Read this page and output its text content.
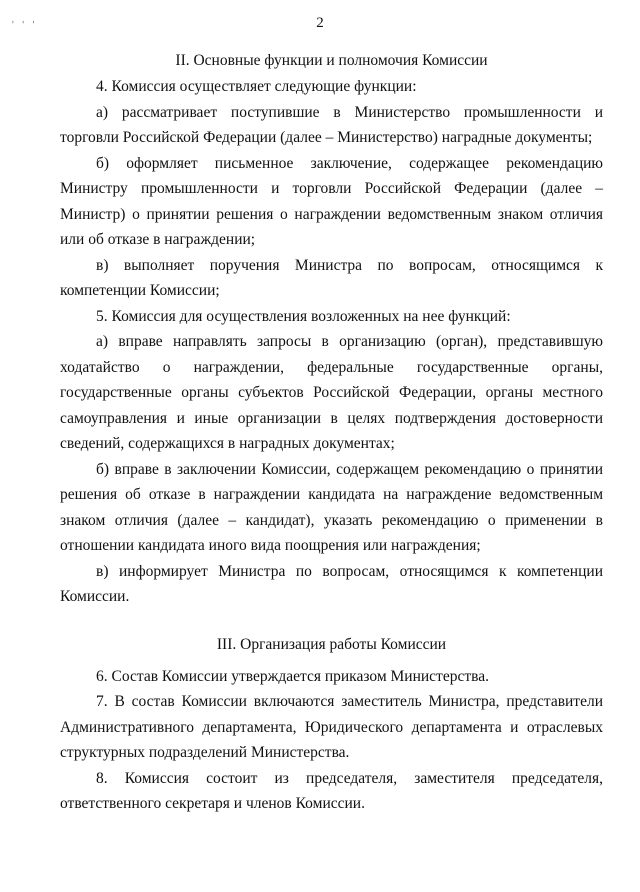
' ' '	2

II. Основные функции и полномочия Комиссии

4. Комиссия осуществляет следующие функции:

а) рассматривает поступившие в Министерство промышленности и торговли Российской Федерации (далее – Министерство) наградные документы;

б) оформляет письменное заключение, содержащее рекомендацию Министру промышленности и торговли Российской Федерации (далее – Министр) о принятии решения о награждении ведомственным знаком отличия или об отказе в награждении;

в) выполняет поручения Министра по вопросам, относящимся к компетенции Комиссии;

5. Комиссия для осуществления возложенных на нее функций:

а) вправе направлять запросы в организацию (орган), представившую ходатайство о награждении, федеральные государственные органы, государственные органы субъектов Российской Федерации, органы местного самоуправления и иные организации в целях подтверждения достоверности сведений, содержащихся в наградных документах;

б) вправе в заключении Комиссии, содержащем рекомендацию о принятии решения об отказе в награждении кандидата на награждение ведомственным знаком отличия (далее – кандидат), указать рекомендацию о применении в отношении кандидата иного вида поощрения или награждения;

в) информирует Министра по вопросам, относящимся к компетенции Комиссии.

III. Организация работы Комиссии

6. Состав Комиссии утверждается приказом Министерства.

7. В состав Комиссии включаются заместитель Министра, представители Административного департамента, Юридического департамента и отраслевых структурных подразделений Министерства.

8. Комиссия состоит из председателя, заместителя председателя, ответственного секретаря и членов Комиссии.
